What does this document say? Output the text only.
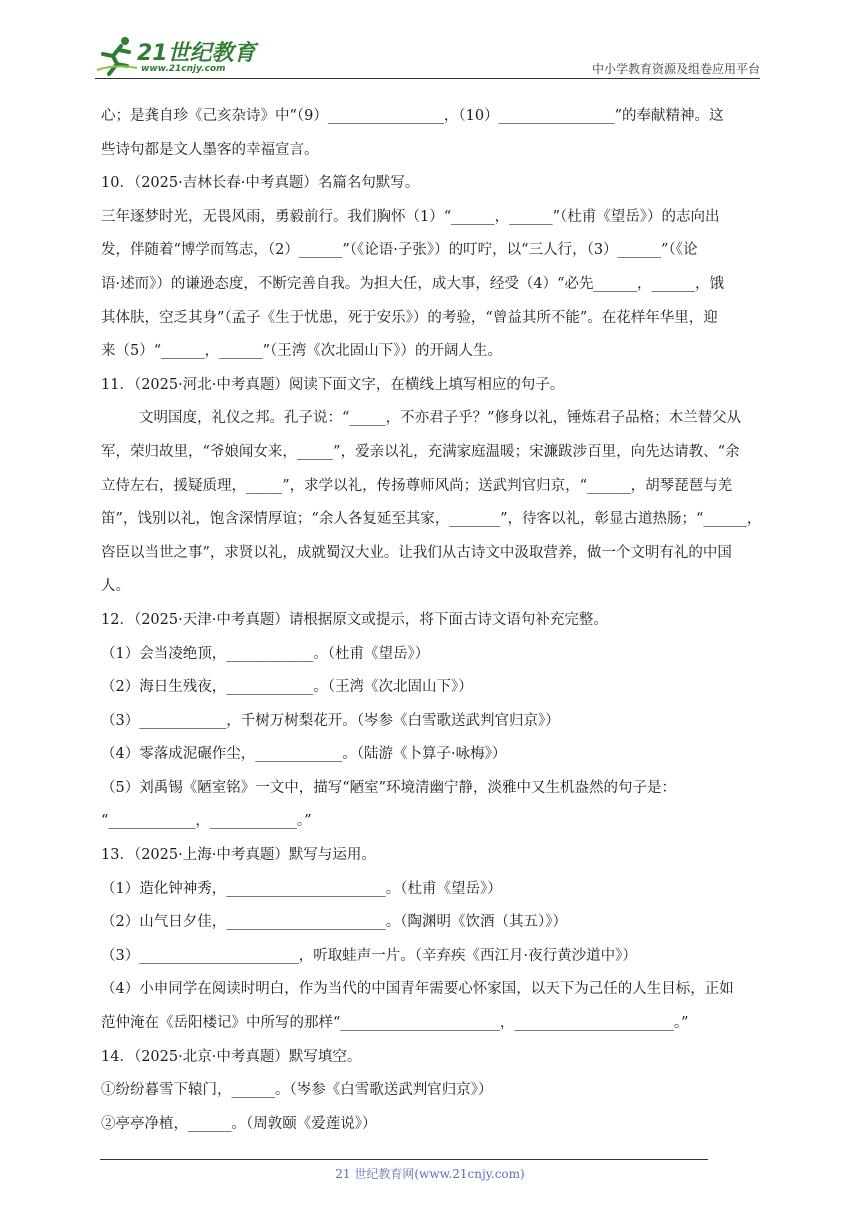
21世纪教育
www.21cnjy.com	中小学教育资源及组卷应用平台
心；是龚自珍《己亥杂诗》中“（9）________________，（10）________________”的奉献精神。这
些诗句都是文人墨客的幸福宣言。
10．（2025·吉林长春·中考真题）名篇名句默写。
三年逐梦时光，无畏风雨，勇毅前行。我们胸怀（1）“______，______”（杜甫《望岳》）的志向出
发，伴随着“博学而笃志，（2）______”（《论语·子张》）的叮咛，以“三人行，（3）______”（《论
语·述而》）的谦逊态度，不断完善自我。为担大任，成大事，经受（4）“必先______，______，饿
其体肤，空乏其身”（孟子《生于忧患，死于安乐》）的考验，“曾益其所不能”。在花样年华里，迎
来（5）“______，______”（王湾《次北固山下》）的开阔人生。
11．（2025·河北·中考真题）阅读下面文字，在横线上填写相应的句子。
文明国度，礼仪之邦。孔子说：“_____，不亦君子乎？”修身以礼，锤炼君子品格；木兰替父从
军，荣归故里，“爷娘闻女来，_____”，爱亲以礼，充满家庭温暖；宋濂跋涉百里，向先达请教、“余
立侍左右，援疑质理，_____”，求学以礼，传扬尊师风尚；送武判官归京，“______，胡琴琵琶与羌
笛”，饯别以礼，饱含深情厚谊；“余人各复延至其家，_______”，待客以礼，彰显古道热肠；“______，
咨臣以当世之事”，求贤以礼，成就蜀汉大业。让我们从古诗文中汲取营养，做一个文明有礼的中国
人。
12．（2025·天津·中考真题）请根据原文或提示，将下面古诗文语句补充完整。
（1）会当凌绝顶，____________。（杜甫《望岳》）
（2）海日生残夜，____________。（王湾《次北固山下》）
（3）____________，千树万树梨花开。（岑参《白雪歌送武判官归京》）
（4）零落成泥碾作尘，____________。（陆游《卜算子·咏梅》）
（5）刘禹锡《陋室铭》一文中，描写“陋室”环境清幽宁静，淡雅中又生机盎然的句子是：
“____________，____________。”
13．（2025·上海·中考真题）默写与运用。
（1）造化钟神秀，______________________。（杜甫《望岳》）
（2）山气日夕佳，______________________。（陶渊明《饮酒（其五）》）
（3）______________________，听取蛙声一片。（辛弃疾《西江月·夜行黄沙道中》）
（4）小申同学在阅读时明白，作为当代的中国青年需要心怀家国，以天下为己任的人生目标，正如
范仲淹在《岳阳楼记》中所写的那样“______________________，______________________。”
14．（2025·北京·中考真题）默写填空。
①纷纷暮雪下辕门，______。（岑参《白雪歌送武判官归京》）
②亭亭净植，______。（周敦颐《爱莲说》）
21 世纪教育网(www.21cnjy.com)
